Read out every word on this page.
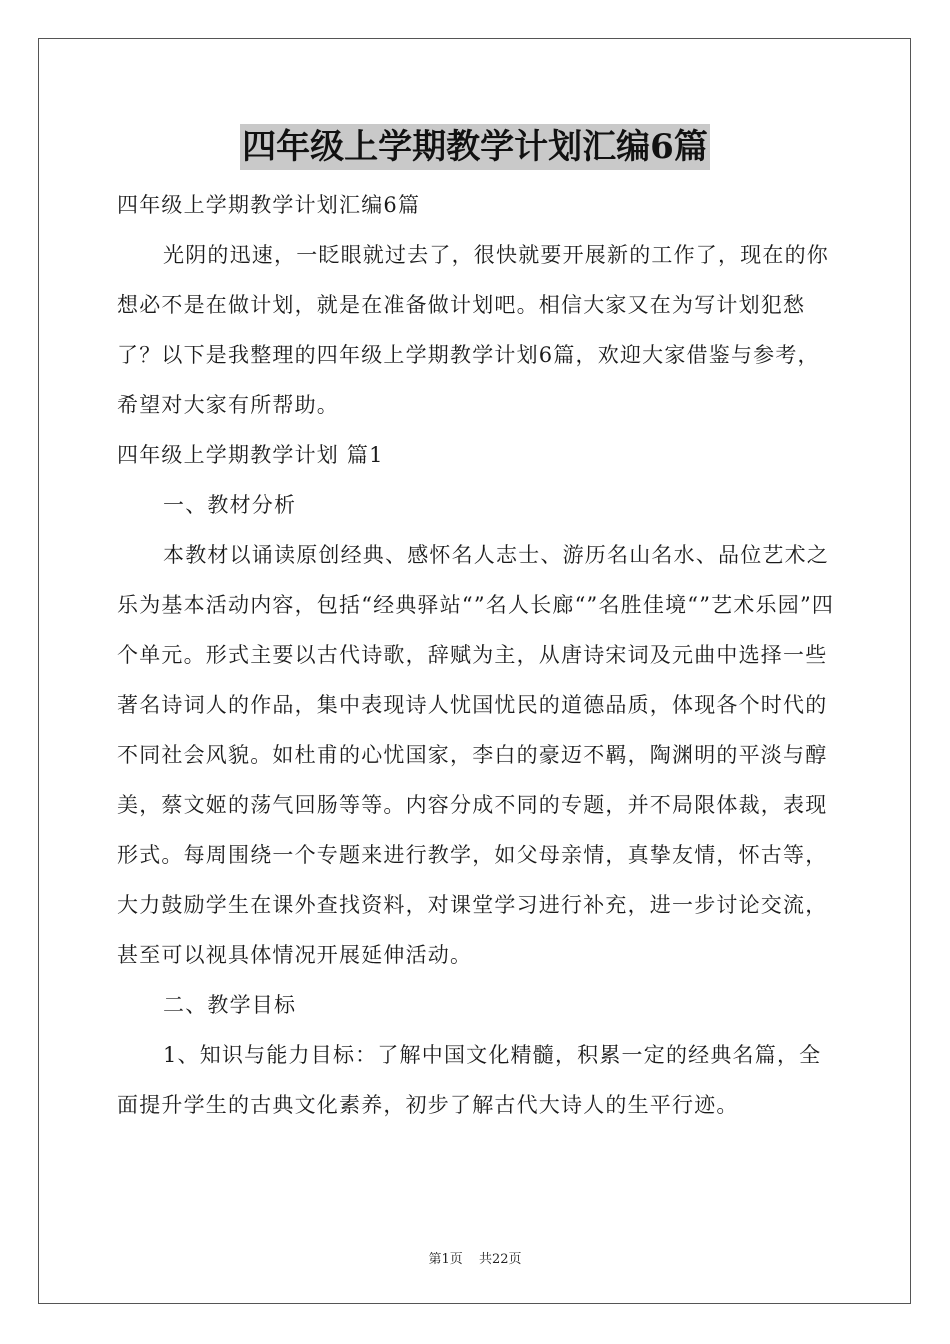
四年级上学期教学计划汇编6篇

四年级上学期教学计划汇编6篇

光阴的迅速，一眨眼就过去了，很快就要开展新的工作了，现在的你想必不是在做计划，就是在准备做计划吧。相信大家又在为写计划犯愁了？以下是我整理的四年级上学期教学计划6篇，欢迎大家借鉴与参考，希望对大家有所帮助。

四年级上学期教学计划 篇1

一、教材分析

本教材以诵读原创经典、感怀名人志士、游历名山名水、品位艺术之乐为基本活动内容，包括“经典驿站“”名人长廊“”名胜佳境“”艺术乐园”四个单元。形式主要以古代诗歌，辞赋为主，从唐诗宋词及元曲中选择一些著名诗词人的作品，集中表现诗人忧国忧民的道德品质，体现各个时代的不同社会风貌。如杜甫的心忧国家，李白的豪迈不羁，陶渊明的平淡与醇美，蔡文姬的荡气回肠等等。内容分成不同的专题，并不局限体裁，表现形式。每周围绕一个专题来进行教学，如父母亲情，真挚友情，怀古等，大力鼓励学生在课外查找资料，对课堂学习进行补充，进一步讨论交流，甚至可以视具体情况开展延伸活动。

二、教学目标

1、知识与能力目标：了解中国文化精髓，积累一定的经典名篇，全面提升学生的古典文化素养，初步了解古代大诗人的生平行迹。

第1页 共22页
